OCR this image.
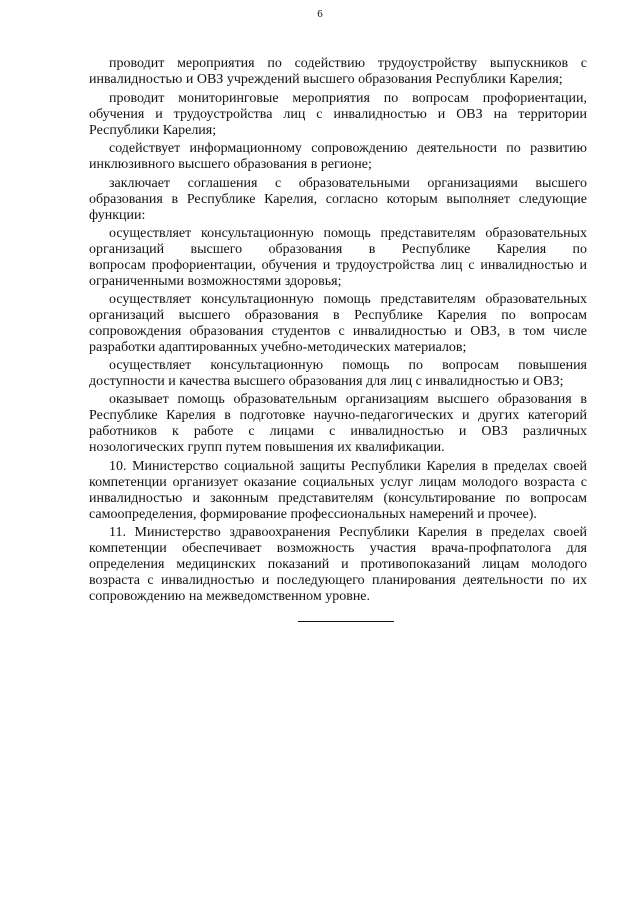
6
проводит мероприятия по содействию трудоустройству выпускников с
инвалидностью и ОВЗ учреждений высшего образования Республики Карелия;
проводит мониторинговые мероприятия по вопросам профориентации,
обучения и трудоустройства лиц с инвалидностью и ОВЗ на территории
Республики Карелия;
содействует информационному сопровождению деятельности по развитию
инклюзивного высшего образования в регионе;
заключает соглашения с образовательными организациями высшего
образования в Республике Карелия, согласно которым выполняет следующие
функции:
осуществляет консультационную помощь представителям образовательных
организаций высшего образования в Республике Карелия по
вопросам профориентации, обучения и трудоустройства лиц с инвалидностью и
ограниченными возможностями здоровья;
осуществляет консультационную помощь представителям образовательных
организаций высшего образования в Республике Карелия по вопросам
сопровождения образования студентов с инвалидностью и ОВЗ, в том числе
разработки адаптированных учебно-методических материалов;
осуществляет консультационную помощь по вопросам повышения
доступности и качества высшего образования для лиц с инвалидностью и ОВЗ;
оказывает помощь образовательным организациям высшего образования в
Республике Карелия в подготовке научно-педагогических и других категорий
работников к работе с лицами с инвалидностью и ОВЗ различных
нозологических групп путем повышения их квалификации.
10. Министерство социальной защиты Республики Карелия в пределах своей
компетенции организует оказание социальных услуг лицам молодого возраста с
инвалидностью и законным представителям (консультирование по вопросам
самоопределения, формирование профессиональных намерений и прочее).
11. Министерство здравоохранения Республики Карелия в пределах своей
компетенции обеспечивает возможность участия врача-профпатолога для
определения медицинских показаний и противопоказаний лицам молодого
возраста с инвалидностью и последующего планирования деятельности по их
сопровождению на межведомственном уровне.
